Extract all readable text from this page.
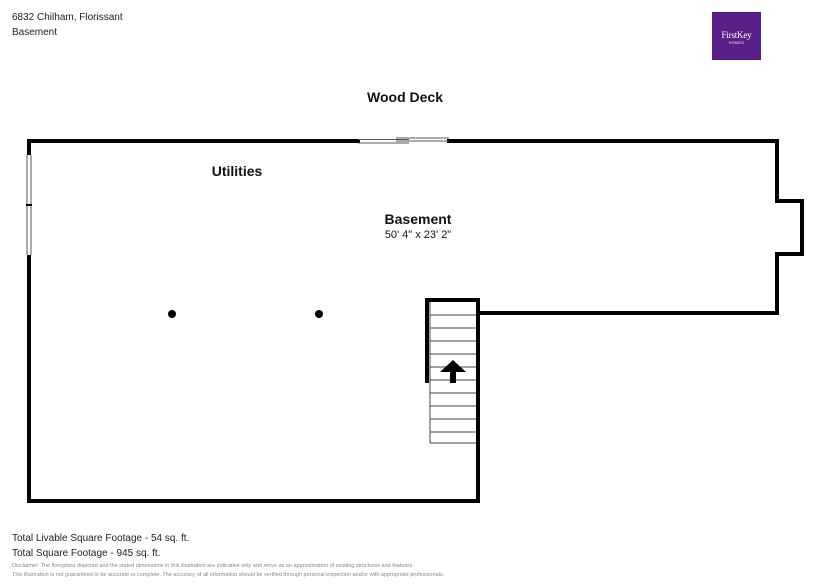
6832 Chilham, Florissant
Basement	FirstKey
HOMES
Wood Deck
Utilities
Basement
50' 4" x 23' 2"
Total Livable Square Footage - 54 sq. ft.
Total Square Footage - 945 sq. ft.
Disclaimer: The floorplans depicted and the stated dimensions in this illustration are indicative only and serve as an approximation of existing structures and features.
This illustration is not guaranteed to be accurate or complete. The accuracy of all information should be verified through personal inspection and/or with appropriate professionals.
